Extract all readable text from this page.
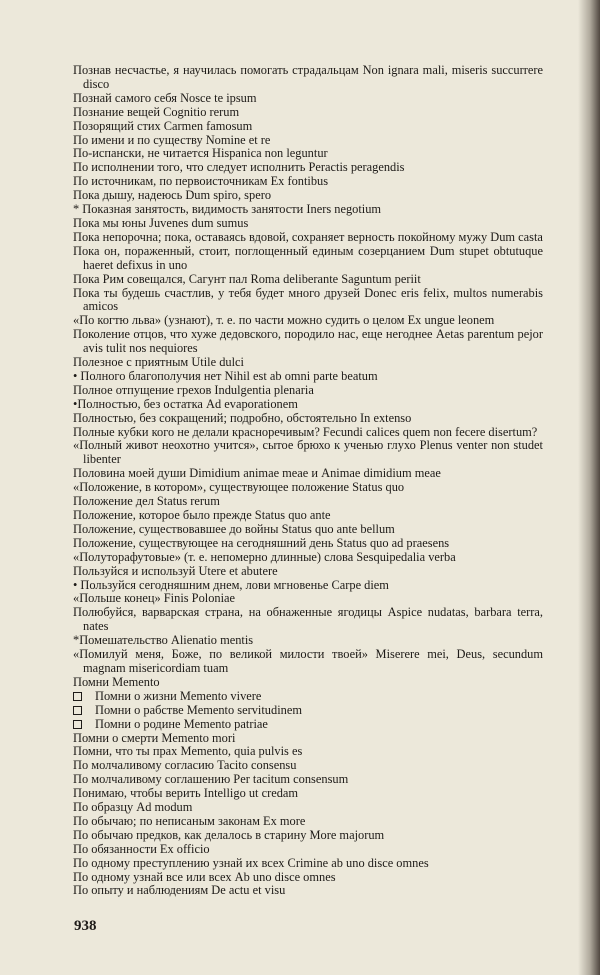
Познав несчастье, я научилась помогать страдальцам Non ignara mali, miseris succurrere disco
Познай самого себя Nosce te ipsum
Познание вещей Cognitio rerum
Позорящий стих Carmen famosum
По имени и по существу Nomine et re
По-испански, не читается Hispanica non leguntur
По исполнении того, что следует исполнить Peractis peragendis
По источникам, по первоисточникам Ex fontibus
Пока дышу, надеюсь Dum spiro, spero
* Показная занятость, видимость занятости Iners negotium
Пока мы юны Juvenes dum sumus
Пока непорочна; пока, оставаясь вдовой, сохраняет верность покойному мужу Dum casta
Пока он, пораженный, стоит, поглощенный единым созерцанием Dum stupet obtutuque haeret defixus in uno
Пока Рим совещался, Сагунт пал Roma deliberante Saguntum periit
Пока ты будешь счастлив, у тебя будет много друзей Donec eris felix, multos numerabis amicos
«По когтю льва» (узнают), т. е. по части можно судить о целом Ex ungue leonem
Поколение отцов, что хуже дедовского, породило нас, еще негоднее Aetas parentum pejor avis tulit nos nequiores
Полезное с приятным Utile dulci
• Полного благополучия нет Nihil est ab omni parte beatum
Полное отпущение грехов Indulgentia plenaria
•Полностью, без остатка Ad evaporationem
Полностью, без сокращений; подробно, обстоятельно In extenso
Полные кубки кого не делали красноречивым? Fecundi calices quem non fecere disertum?
«Полный живот неохотно учится», сытое брюхо к ученью глухо Plenus venter non studet libenter
Половина моей души Dimidium animae meae и Animae dimidium meae
«Положение, в котором», существующее положение Status quo
Положение дел Status rerum
Положение, которое было прежде Status quo ante
Положение, существовавшее до войны Status quo ante bellum
Положение, существующее на сегодняшний день Status quo ad praesens
«Полуторафутовые» (т. е. непомерно длинные) слова Sesquipedalia verba
Пользуйся и используй Utere et abutere
• Пользуйся сегодняшним днем, лови мгновенье Carpe diem
«Польше конец» Finis Poloniae
Полюбуйся, варварская страна, на обнаженные ягодицы Aspice nudatas, barbara terra, nates
*Помешательство Alienatio mentis
«Помилуй меня, Боже, по великой милости твоей» Miserere mei, Deus, secundum magnam misericordiam tuam
Помни Memento
Помни о жизни Memento vivere
Помни о рабстве Memento servitudinem
Помни о родине Memento patriae
Помни о смерти Memento mori
Помни, что ты прах Memento, quia pulvis es
По молчаливому согласию Tacito consensu
По молчаливому соглашению Per tacitum consensum
Понимаю, чтобы верить Intelligo ut credam
По образцу Ad modum
По обычаю; по неписаным законам Ex more
По обычаю предков, как делалось в старину More majorum
По обязанности Ex officio
По одному преступлению узнай их всех Crimine ab uno disce omnes
По одному узнай все или всех Ab uno disce omnes
По опыту и наблюдениям De actu et visu
938
